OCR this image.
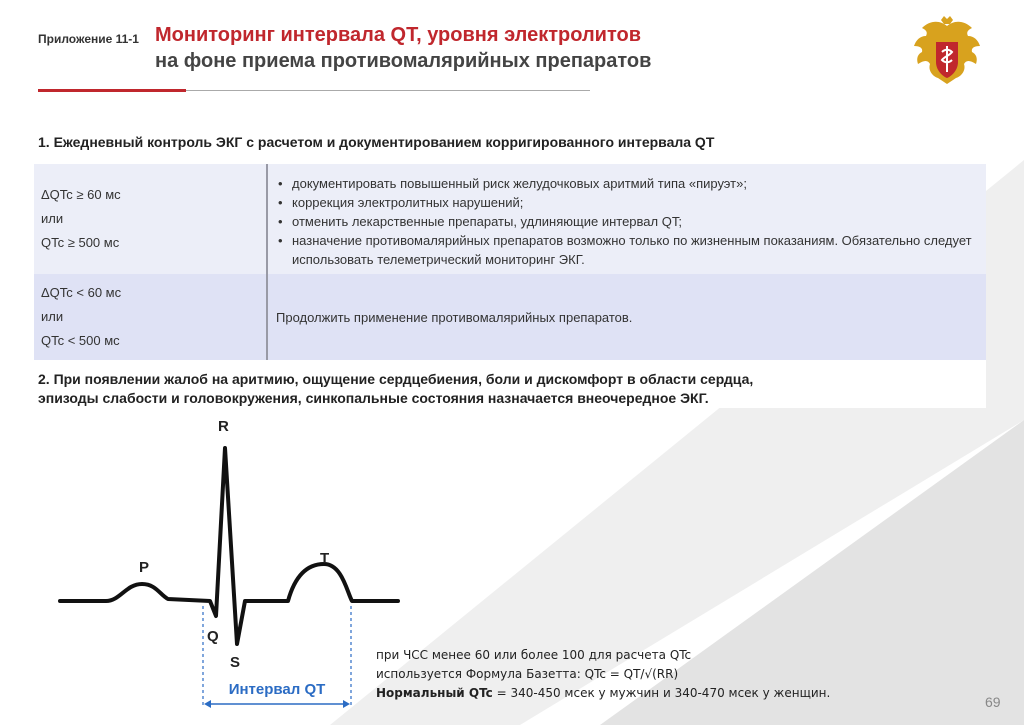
Приложение 11-1 Мониторинг интервала QT, уровня электролитов
на фоне приема противомалярийных препаратов
1. Ежедневный контроль ЭКГ с расчетом и документированием корригированного интервала QT
ΔQTc ≥ 60 мс
или
QTc ≥ 500 мс
• документировать повышенный риск желудочковых аритмий типа «пируэт»;
• коррекция электролитных нарушений;
• отменить лекарственные препараты, удлиняющие интервал QT;
• назначение противомалярийных препаратов возможно только по жизненным показаниям. Обязательно следует использовать телеметрический мониторинг ЭКГ.
ΔQTc < 60 мс
или
QTc < 500 мс
Продолжить применение противомалярийных препаратов.
2. При появлении жалоб на аритмию, ощущение сердцебиения, боли и дискомфорт в области сердца,
эпизоды слабости и головокружения, синкопальные состояния назначается внеочередное ЭКГ.
R
P
T
Q
S
Интервал QT
при ЧСС менее 60 или более 100 для расчета QTc
используется Формула Базетта: QTc = QT/√(RR)
Нормальный QTc = 340-450 мсек у мужчин и 340-470 мсек у женщин.
69
